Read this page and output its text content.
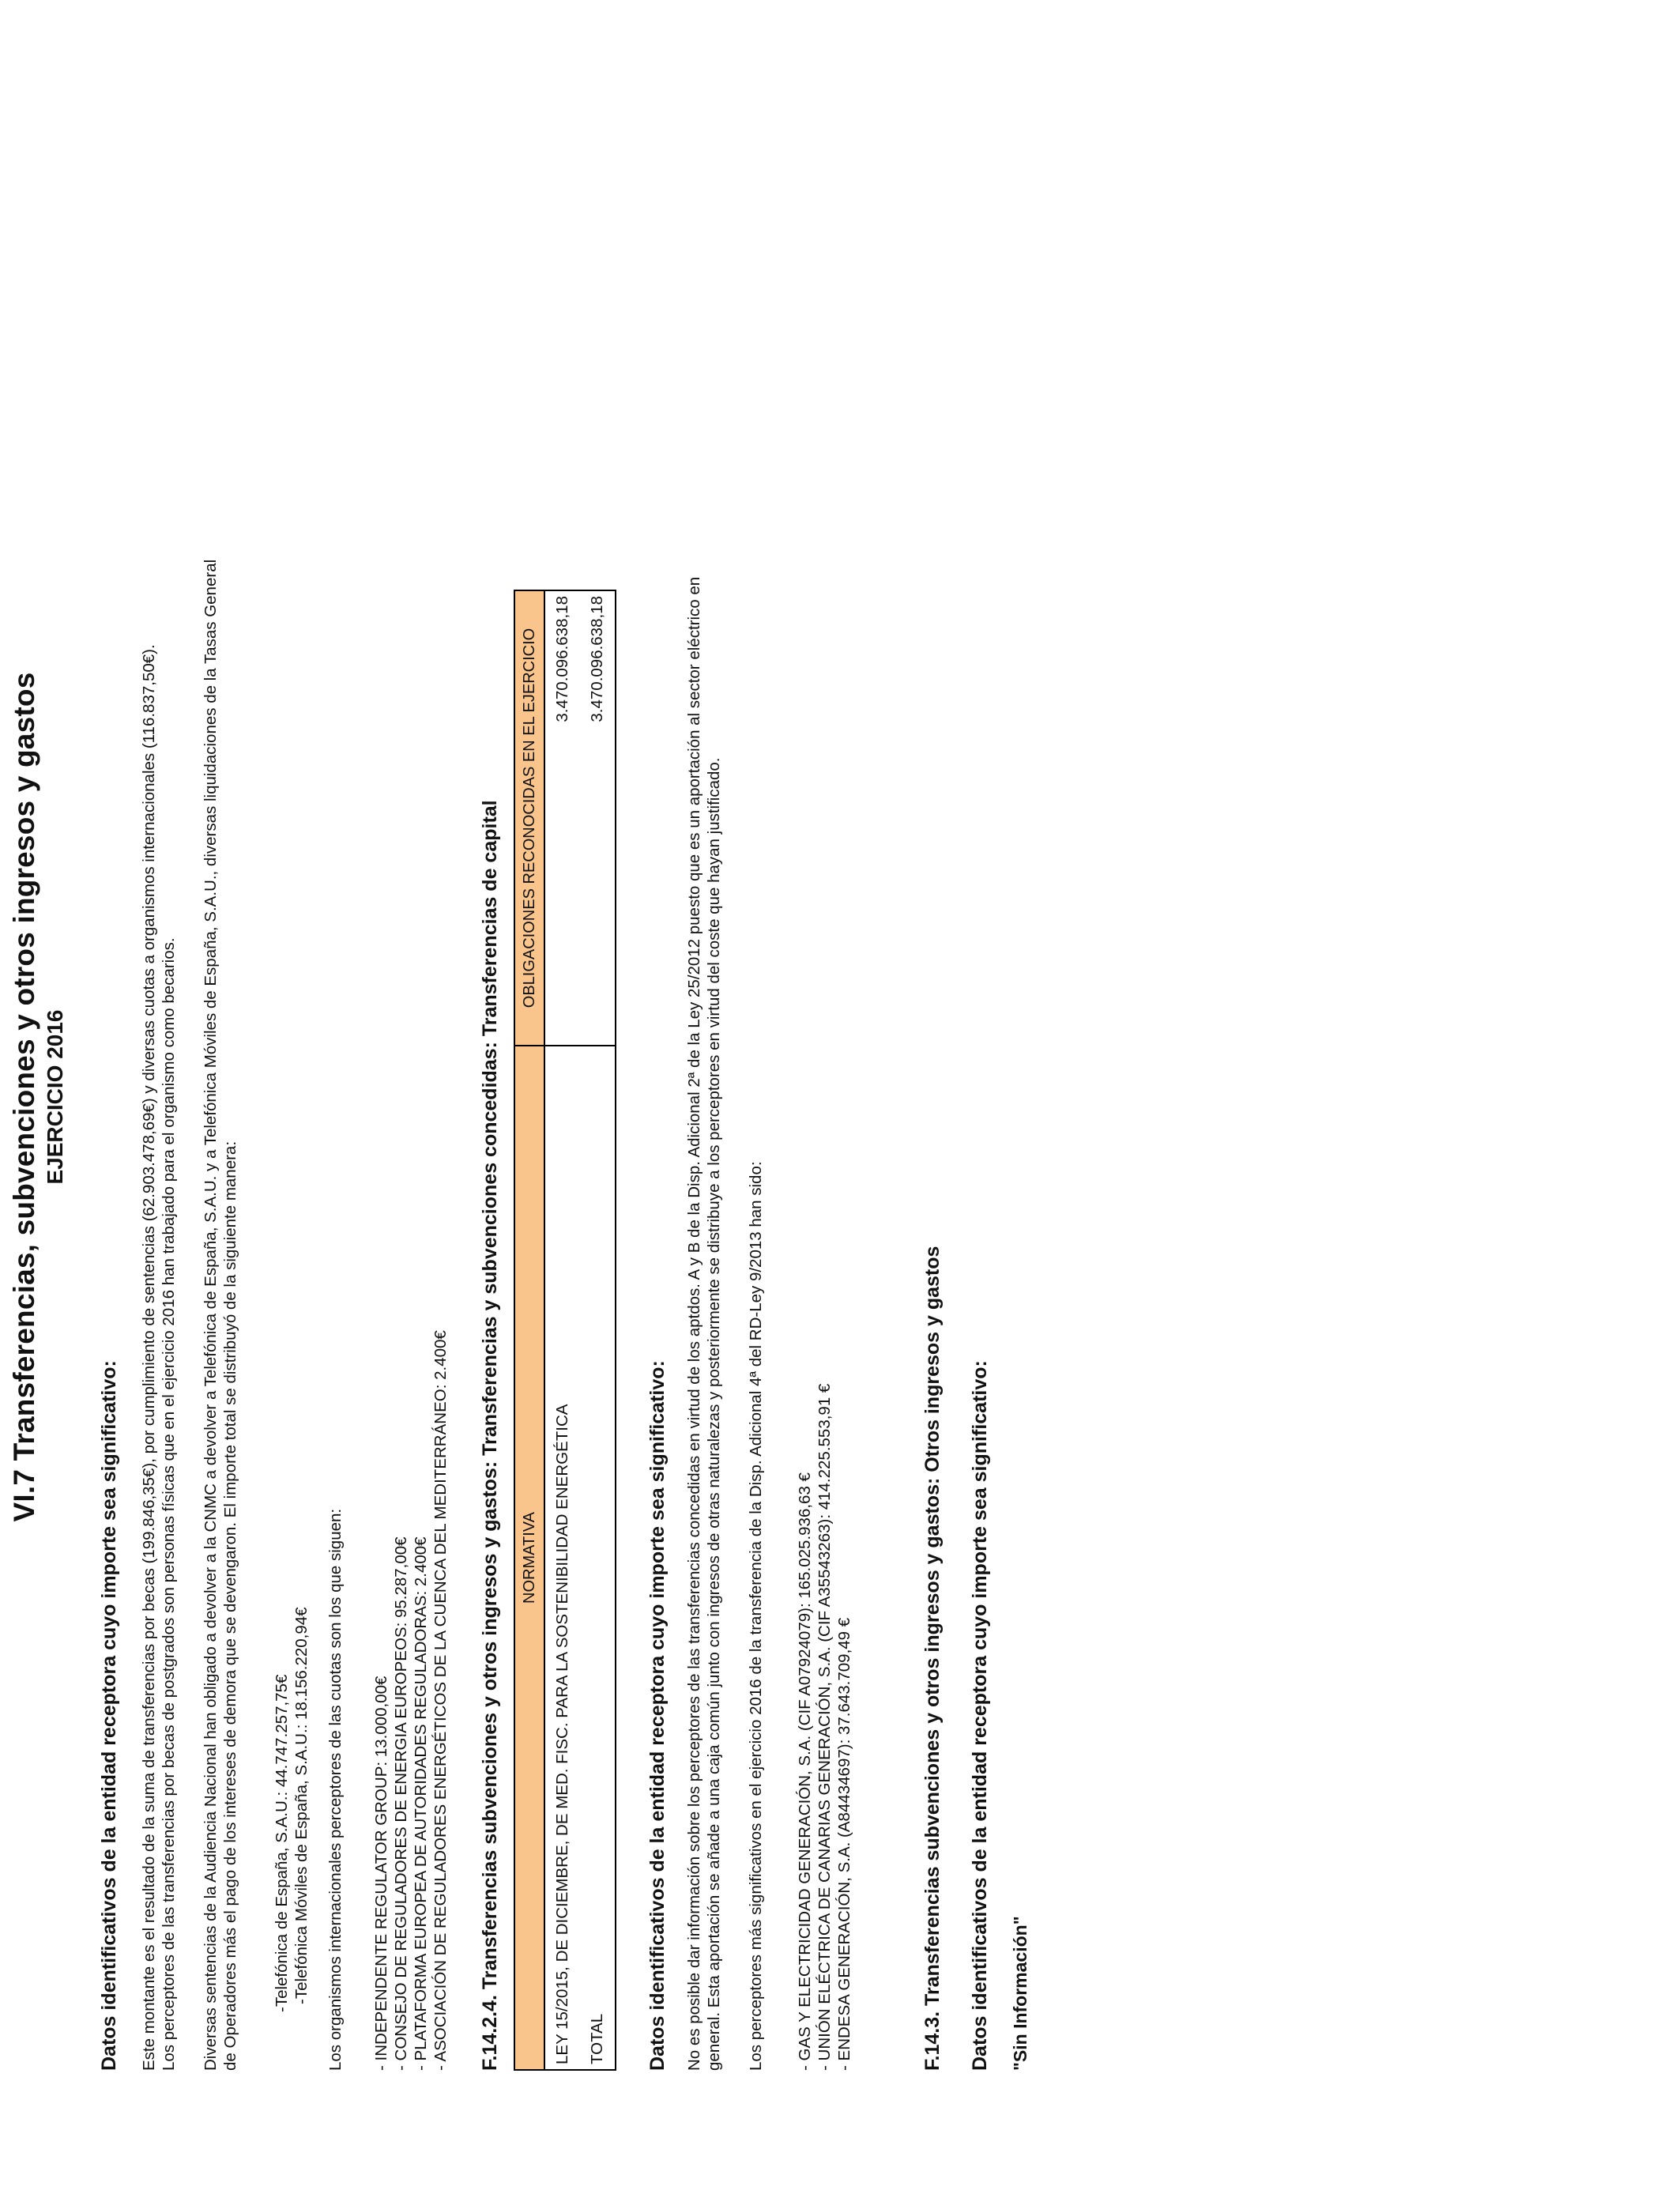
VI.7 Transferencias, subvenciones y otros ingresos y gastos EJERCICIO 2016
Datos identificativos de la entidad receptora cuyo importe sea significativo: Este montante es el resultado de la suma de transferencias por becas (199.846,35€), por cumplimiento de sentencias (62.903.478,69€) y diversas cuotas a organismos internacionales (116.837,50€). Los perceptores de las transferencias por becas de postgrados son personas físicas que en el ejercicio 2016 han trabajado para el organismo como becarios. Diversas sentencias de la Audiencia Nacional han obligado a devolver a la CNMC a devolver a Telefónica de España, S.A.U. y a Telefónica Móviles de España, S.A.U., diversas liquidaciones de la Tasas General de Operadores más el pago de los intereses de demora que se devengaron. El importe total se distribuyó de la siguiente manera: -Telefónica de España, S.A.U.: 44.747.257,75€ -Telefónica Móviles de España, S.A.U.: 18.156.220,94€ Los organismos internacionales perceptores de las cuotas son los que siguen: - INDEPENDENTE REGULATOR GROUP: 13.000,00€ - CONSEJO DE REGULADORES DE ENERGIA EUROPEOS: 95.287,00€ - PLATAFORMA EUROPEA DE AUTORIDADES REGULADORAS: 2.400€ - ASOCIACIÓN DE REGULADORES ENERGÉTICOS DE LA CUENCA DEL MEDITERRÁNEO: 2.400€ F.14.2.4. Transferencias subvenciones y otros ingresos y gastos: Transferencias y subvenciones concedidas: Transferencias de capital NORMATIVA	OBLIGACIONES RECONOCIDAS EN EL EJERCICIO
LEY 15/2015, DE DICIEMBRE, DE MED. FISC. PARA LA SOSTENIBILIDAD ENERGÉTICA	3.470.096.638,18
TOTAL	3.470.096.638,18
Datos identificativos de la entidad receptora cuyo importe sea significativo: No es posible dar información sobre los perceptores de las transferencias concedidas en virtud de los aptdos. A y B de la Disp. Adicional 2ª de la Ley 25/2012 puesto que es un aportación al sector eléctrico en general. Esta aportación se añade a una caja común junto con ingresos de otras naturalezas y posteriormente se distribuye a los perceptores en virtud del coste que hayan justificado. Los perceptores más significativos en el ejercicio 2016 de la transferencia de la Disp. Adicional 4ª del RD-Ley 9/2013 han sido: - GAS Y ELECTRICIDAD GENERACIÓN, S.A. (CIF A07924079): 165.025.936,63 € - UNIÓN ELÉCTRICA DE CANARIAS GENERACIÓN, S.A. (CIF A35543263): 414.225.553,91 € - ENDESA GENERACIÓN, S.A. (A84434697): 37.643.709,49 €	F.14.3. Transferencias subvenciones y otros ingresos y gastos: Otros ingresos y gastos Datos identificativos de la entidad receptora cuyo importe sea significativo: "Sin Información"
